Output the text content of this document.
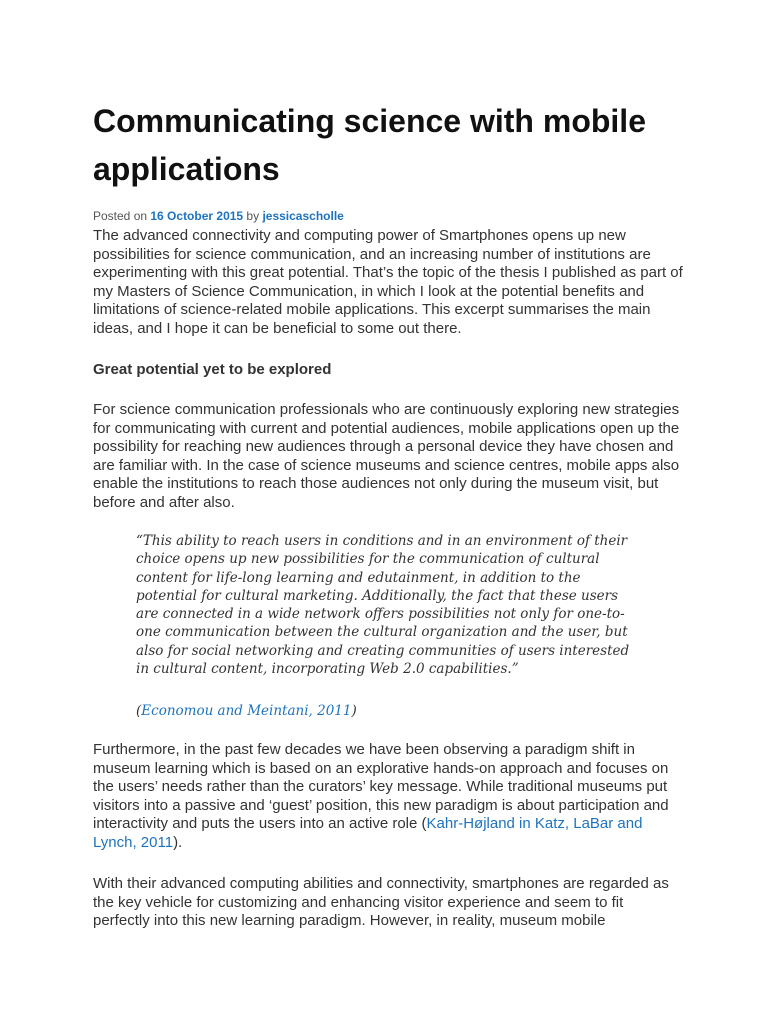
Communicating science with mobile applications
Posted on 16 October 2015 by jessicascholle

The advanced connectivity and computing power of Smartphones opens up new possibilities for science communication, and an increasing number of institutions are experimenting with this great potential. That’s the topic of the thesis I published as part of my Masters of Science Communication, in which I look at the potential benefits and limitations of science-related mobile applications. This excerpt summarises the main ideas, and I hope it can be beneficial to some out there.

Great potential yet to be explored

For science communication professionals who are continuously exploring new strategies for communicating with current and potential audiences, mobile applications open up the possibility for reaching new audiences through a personal device they have chosen and are familiar with. In the case of science museums and science centres, mobile apps also enable the institutions to reach those audiences not only during the museum visit, but before and after also.

“This ability to reach users in conditions and in an environment of their choice opens up new possibilities for the communication of cultural content for life-long learning and edutainment, in addition to the potential for cultural marketing. Additionally, the fact that these users are connected in a wide network offers possibilities not only for one-to-one communication between the cultural organization and the user, but also for social networking and creating communities of users interested in cultural content, incorporating Web 2.0 capabilities.”

(Economou and Meintani, 2011)

Furthermore, in the past few decades we have been observing a paradigm shift in museum learning which is based on an explorative hands-on approach and focuses on the users’ needs rather than the curators’ key message. While traditional museums put visitors into a passive and ‘guest’ position, this new paradigm is about participation and interactivity and puts the users into an active role (Kahr-Højland in Katz, LaBar and Lynch, 2011).

With their advanced computing abilities and connectivity, smartphones are regarded as the key vehicle for customizing and enhancing visitor experience and seem to fit perfectly into this new learning paradigm. However, in reality, museum mobile
